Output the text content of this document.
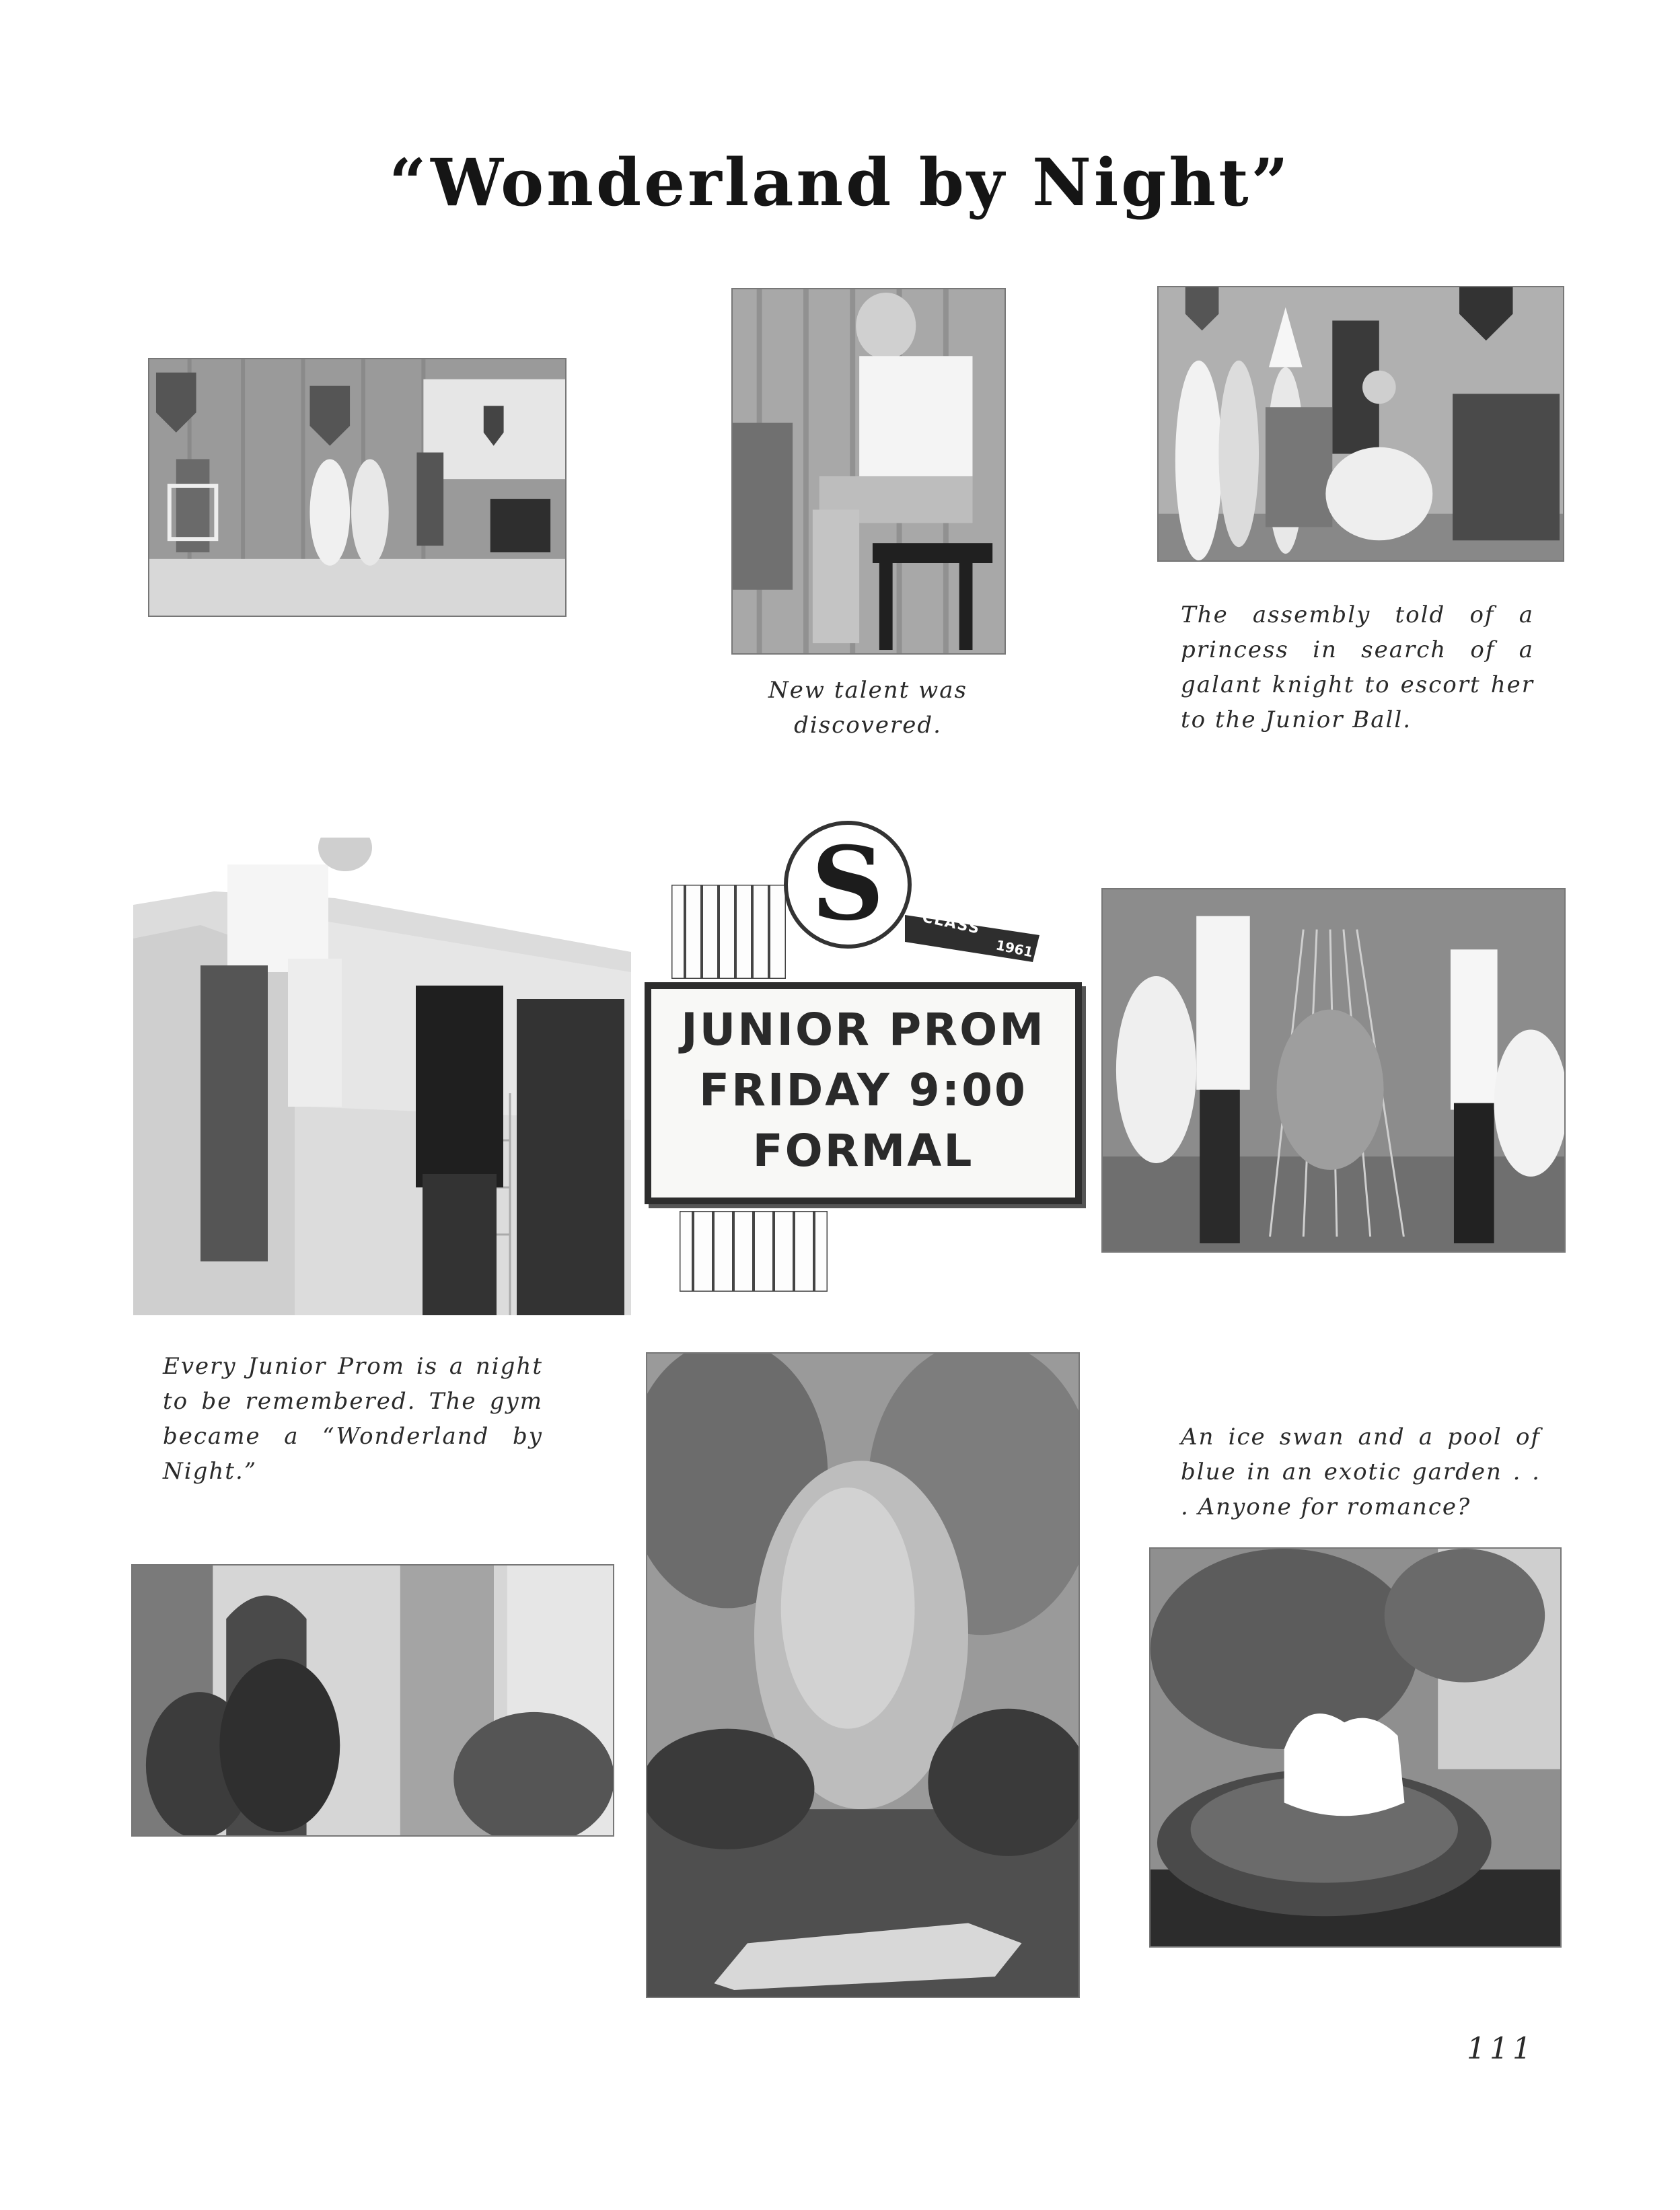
“Wonderland by Night”
New talent was discovered.
The assembly told of a princess in search of a galant knight to escort her to the Junior Ball.
S	CLASS
1961
JUNIOR PROM
FRIDAY 9:00
FORMAL
Every Junior Prom is a night to be remembered. The gym became a “Wonderland by Night.”
An ice swan and a pool of blue in an exotic garden . . . Anyone for romance?
111
